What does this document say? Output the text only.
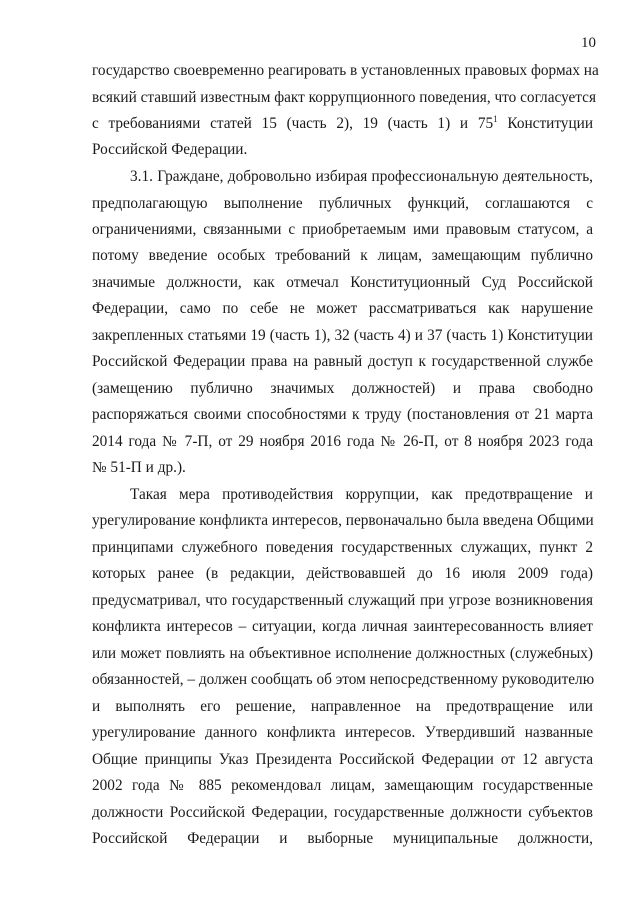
10
государство своевременно реагировать в установленных правовых формах на
всякий ставший известным факт коррупционного поведения, что согласуется
с требованиями статей 15 (часть 2), 19 (часть 1) и $75^1$ Конституции
Российской Федерации.
3.1. Граждане, добровольно избирая профессиональную деятельность,
предполагающую выполнение публичных функций, соглашаются с
ограничениями, связанными с приобретаемым ими правовым статусом, а
потому введение особых требований к лицам, замещающим публично
значимые должности, как отмечал Конституционный Суд Российской
Федерации, само по себе не может рассматриваться как нарушение
закрепленных статьями 19 (часть 1), 32 (часть 4) и 37 (часть 1) Конституции
Российской Федерации права на равный доступ к государственной службе
(замещению публично значимых должностей) и права свободно
распоряжаться своими способностями к труду (постановления от 21 марта
2014 года № 7-П, от 29 ноября 2016 года № 26-П, от 8 ноября 2023 года
№ 51-П и др.).
Такая мера противодействия коррупции, как предотвращение и
урегулирование конфликта интересов, первоначально была введена Общими
принципами служебного поведения государственных служащих, пункт 2
которых ранее (в редакции, действовавшей до 16 июля 2009 года)
предусматривал, что государственный служащий при угрозе возникновения
конфликта интересов – ситуации, когда личная заинтересованность влияет
или может повлиять на объективное исполнение должностных (служебных)
обязанностей, – должен сообщать об этом непосредственному руководителю
и выполнять его решение, направленное на предотвращение или
урегулирование данного конфликта интересов. Утвердивший названные
Общие принципы Указ Президента Российской Федерации от 12 августа
2002 года № 885 рекомендовал лицам, замещающим государственные
должности Российской Федерации, государственные должности субъектов
Российской Федерации и выборные муниципальные должности,
